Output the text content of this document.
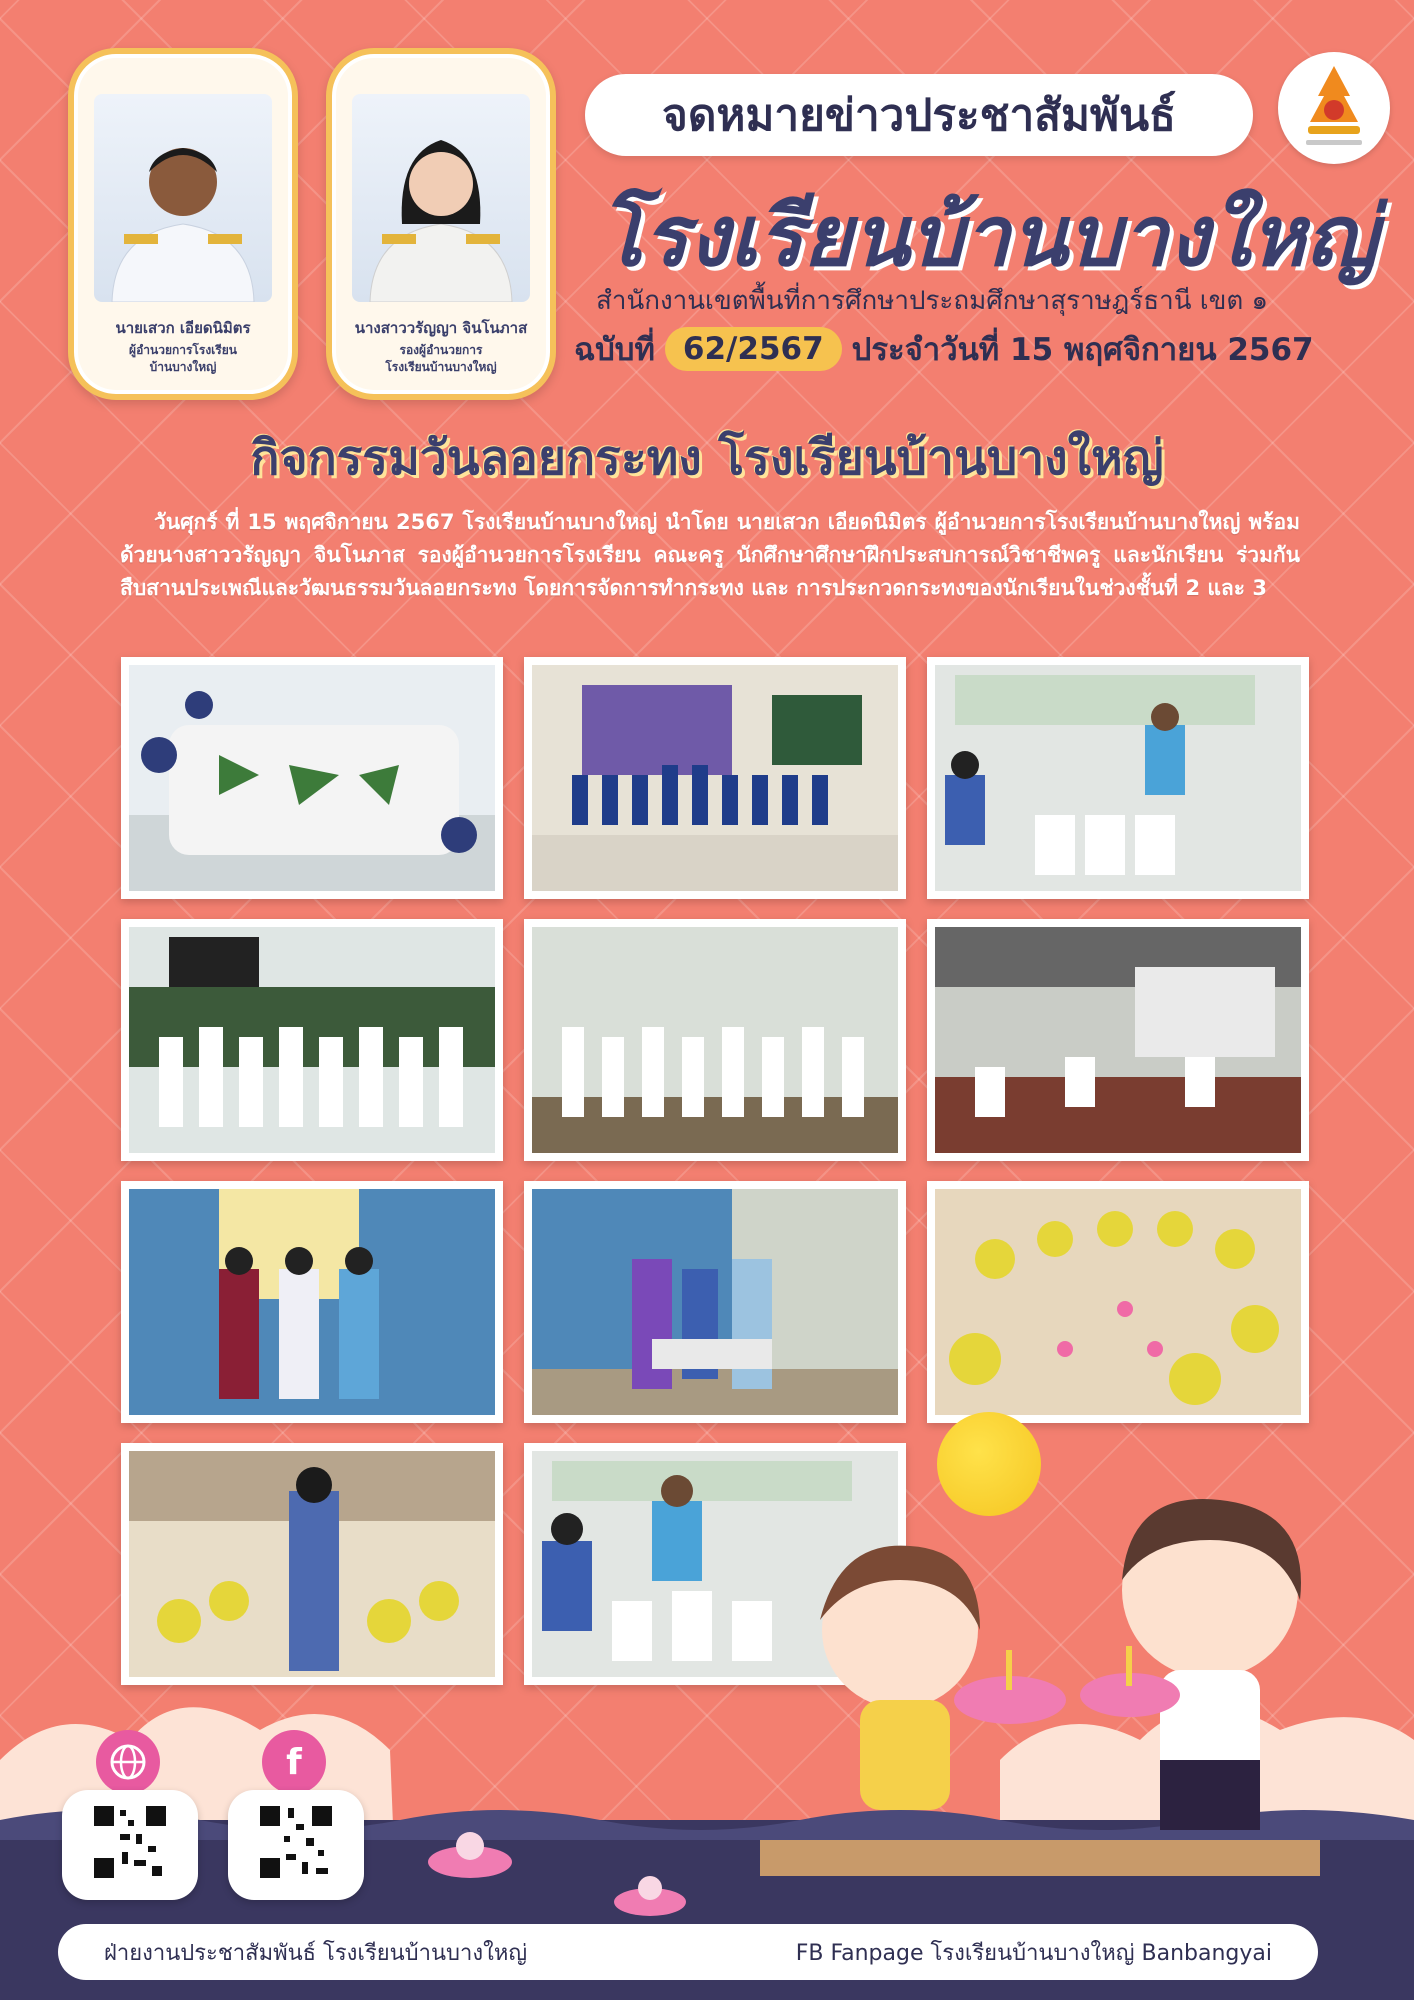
นายเสวก เอียดนิมิตร
ผู้อำนวยการโรงเรียน
บ้านบางใหญ่
นางสาววรัญญา จินโนภาส
รองผู้อำนวยการ
โรงเรียนบ้านบางใหญ่
จดหมายข่าวประชาสัมพันธ์
โรงเรียนบ้านบางใหญ่
สำนักงานเขตพื้นที่การศึกษาประถมศึกษาสุราษฎร์ธานี เขต ๑
ฉบับที่ 62/2567 ประจำวันที่ 15 พฤศจิกายน 2567
กิจกรรมวันลอยกระทง โรงเรียนบ้านบางใหญ่
วันศุกร์ ที่ 15 พฤศจิกายน 2567 โรงเรียนบ้านบางใหญ่ นำโดย นายเสวก เอียดนิมิตร ผู้อำนวยการโรงเรียนบ้านบางใหญ่ พร้อมด้วยนางสาววรัญญา จินโนภาส รองผู้อำนวยการโรงเรียน คณะครู นักศึกษาศึกษาฝึกประสบการณ์วิชาชีพครู และนักเรียน ร่วมกันสืบสานประเพณีและวัฒนธรรมวันลอยกระทง โดยการจัดการทำกระทง และ การประกวดกระทงของนักเรียนในช่วงชั้นที่ 2 และ 3
f
ฝ่ายงานประชาสัมพันธ์ โรงเรียนบ้านบางใหญ่	FB Fanpage โรงเรียนบ้านบางใหญ่ Banbangyai
